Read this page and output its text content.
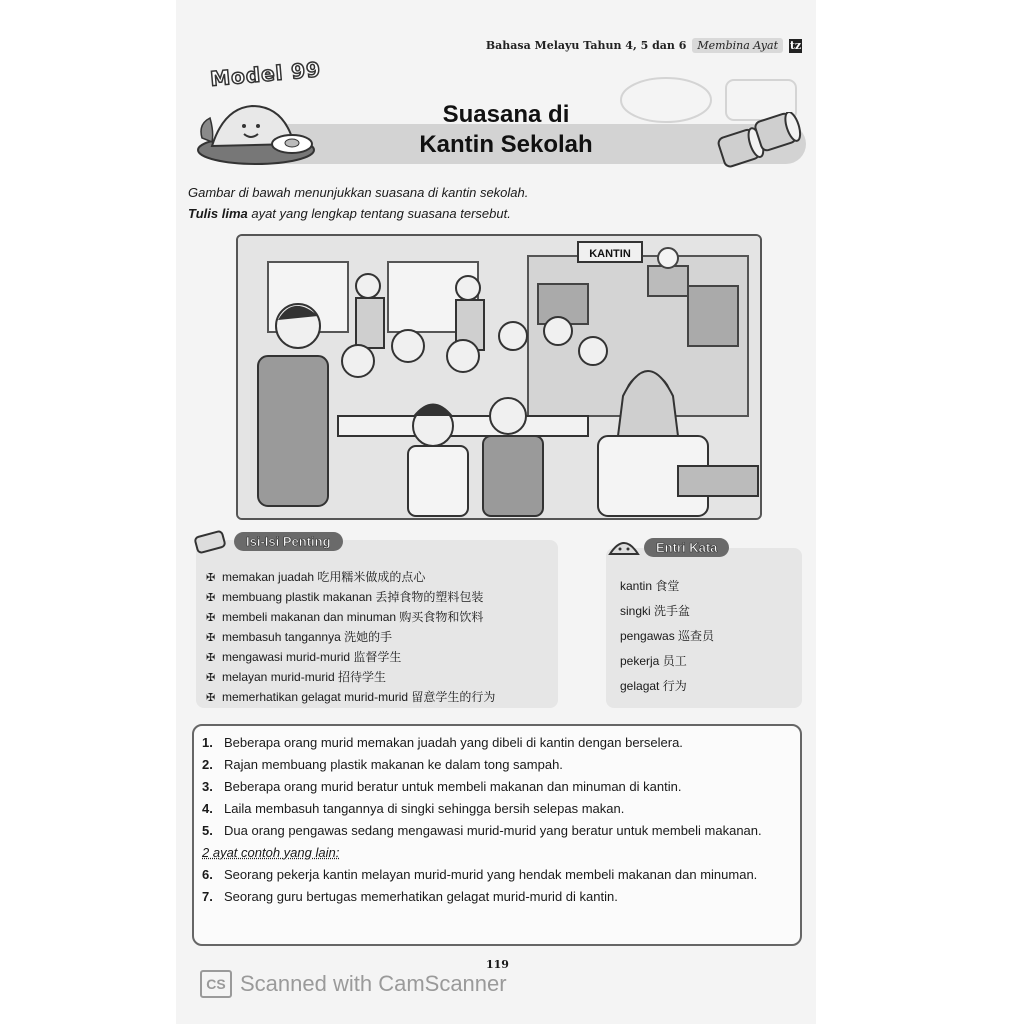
Bahasa Melayu Tahun 4, 5 dan 6	Membina Ayat	tz
Model 99
Suasana di
Kantin Sekolah
Gambar di bawah menunjukkan suasana di kantin sekolah.
Tulis lima ayat yang lengkap tentang suasana tersebut.
KANTIN
Isi-Isi Penting
✠ memakan juadah 吃用糯米做成的点心
✠ membuang plastik makanan 丢掉食物的塑料包装
✠ membeli makanan dan minuman 购买食物和饮料
✠ membasuh tangannya 洗她的手
✠ mengawasi murid-murid 监督学生
✠ melayan murid-murid 招待学生
✠ memerhatikan gelagat murid-murid 留意学生的行为
Entri Kata
kantin 食堂
singki 洗手盆
pengawas 巡查员
pekerja 员工
gelagat 行为
1. Beberapa orang murid memakan juadah yang dibeli di kantin dengan berselera.
2. Rajan membuang plastik makanan ke dalam tong sampah.
3. Beberapa orang murid beratur untuk membeli makanan dan minuman di kantin.
4. Laila membasuh tangannya di singki sehingga bersih selepas makan.
5. Dua orang pengawas sedang mengawasi murid-murid yang beratur untuk membeli makanan.
2 ayat contoh yang lain:
6. Seorang pekerja kantin melayan murid-murid yang hendak membeli makanan dan minuman.
7. Seorang guru bertugas memerhatikan gelagat murid-murid di kantin.
119
CS Scanned with CamScanner
